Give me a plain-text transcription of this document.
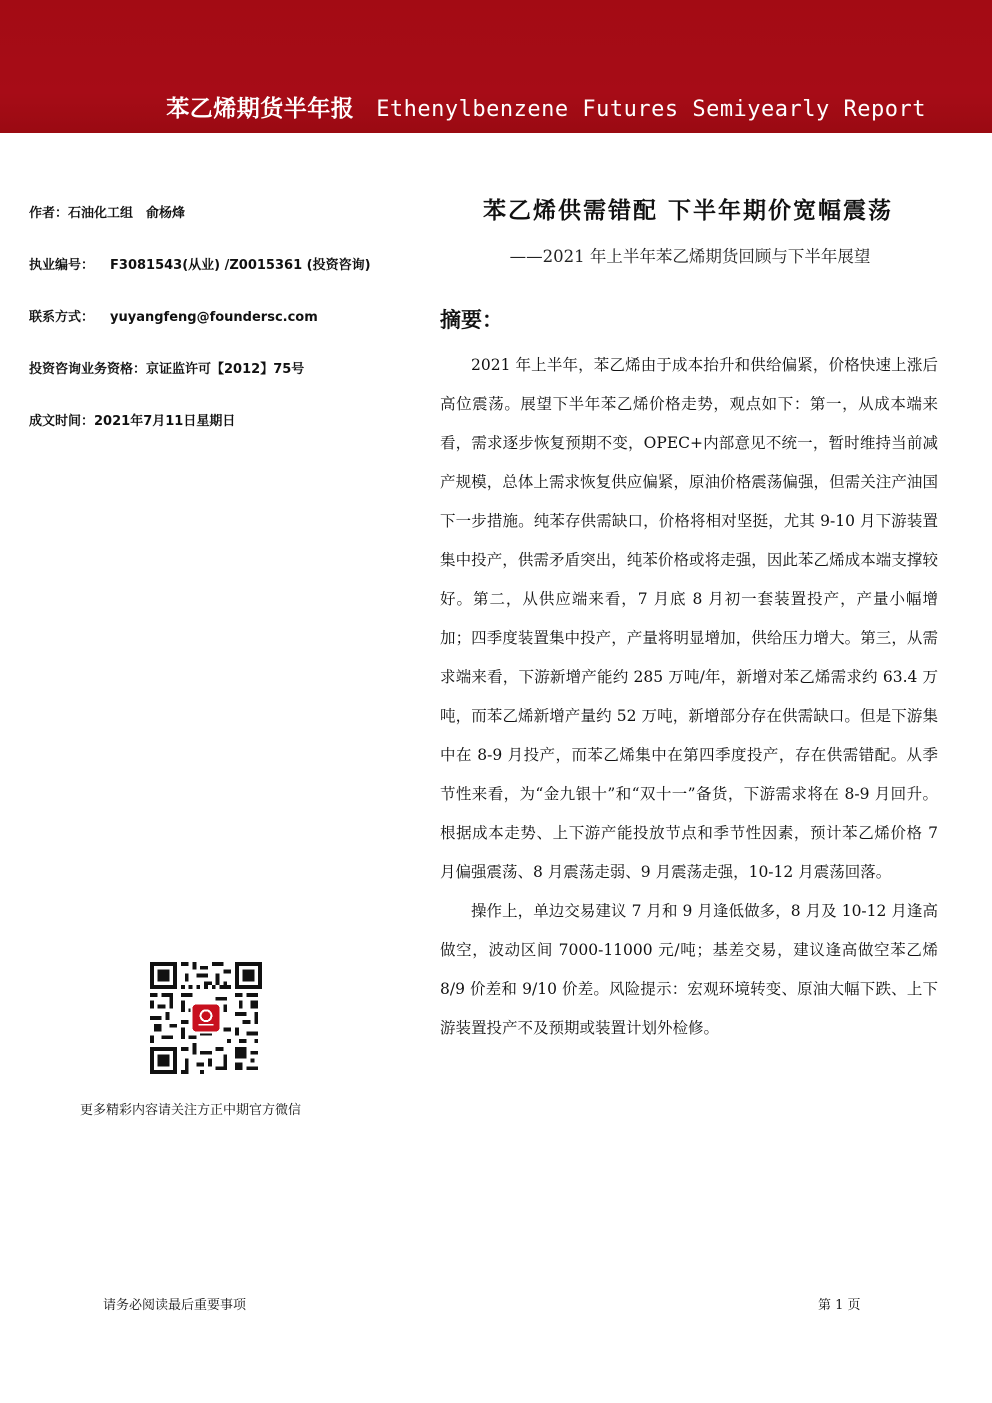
苯乙烯期货半年报 Ethenylbenzene Futures Semiyearly Report
作者：石油化工组　俞杨烽
执业编号： F3081543(从业) /Z0015361 (投资咨询)
联系方式： yuyangfeng@foundersc.com
投资咨询业务资格：京证监许可【2012】75号
成文时间：2021年7月11日星期日
更多精彩内容请关注方正中期官方微信
苯乙烯供需错配 下半年期价宽幅震荡
——2021 年上半年苯乙烯期货回顾与下半年展望
摘要：

2021 年上半年，苯乙烯由于成本抬升和供给偏紧，价格快速上涨后高位震荡。展望下半年苯乙烯价格走势，观点如下：第一，从成本端来看，需求逐步恢复预期不变，OPEC+内部意见不统一，暂时维持当前减产规模，总体上需求恢复供应偏紧，原油价格震荡偏强，但需关注产油国下一步措施。纯苯存供需缺口，价格将相对坚挺，尤其 9-10 月下游装置集中投产，供需矛盾突出，纯苯价格或将走强，因此苯乙烯成本端支撑较好。第二，从供应端来看，7 月底 8 月初一套装置投产，产量小幅增加；四季度装置集中投产，产量将明显增加，供给压力增大。第三，从需求端来看，下游新增产能约 285 万吨/年，新增对苯乙烯需求约 63.4 万吨，而苯乙烯新增产量约 52 万吨，新增部分存在供需缺口。但是下游集中在 8-9 月投产，而苯乙烯集中在第四季度投产，存在供需错配。从季节性来看，为“金九银十”和“双十一”备货，下游需求将在 8-9 月回升。根据成本走势、上下游产能投放节点和季节性因素，预计苯乙烯价格 7 月偏强震荡、8 月震荡走弱、9 月震荡走强，10-12 月震荡回落。

操作上，单边交易建议 7 月和 9 月逢低做多，8 月及 10-12 月逢高做空，波动区间 7000-11000 元/吨；基差交易，建议逢高做空苯乙烯 8/9 价差和 9/10 价差。风险提示：宏观环境转变、原油大幅下跌、上下游装置投产不及预期或装置计划外检修。

请务必阅读最后重要事项	第 1 页
